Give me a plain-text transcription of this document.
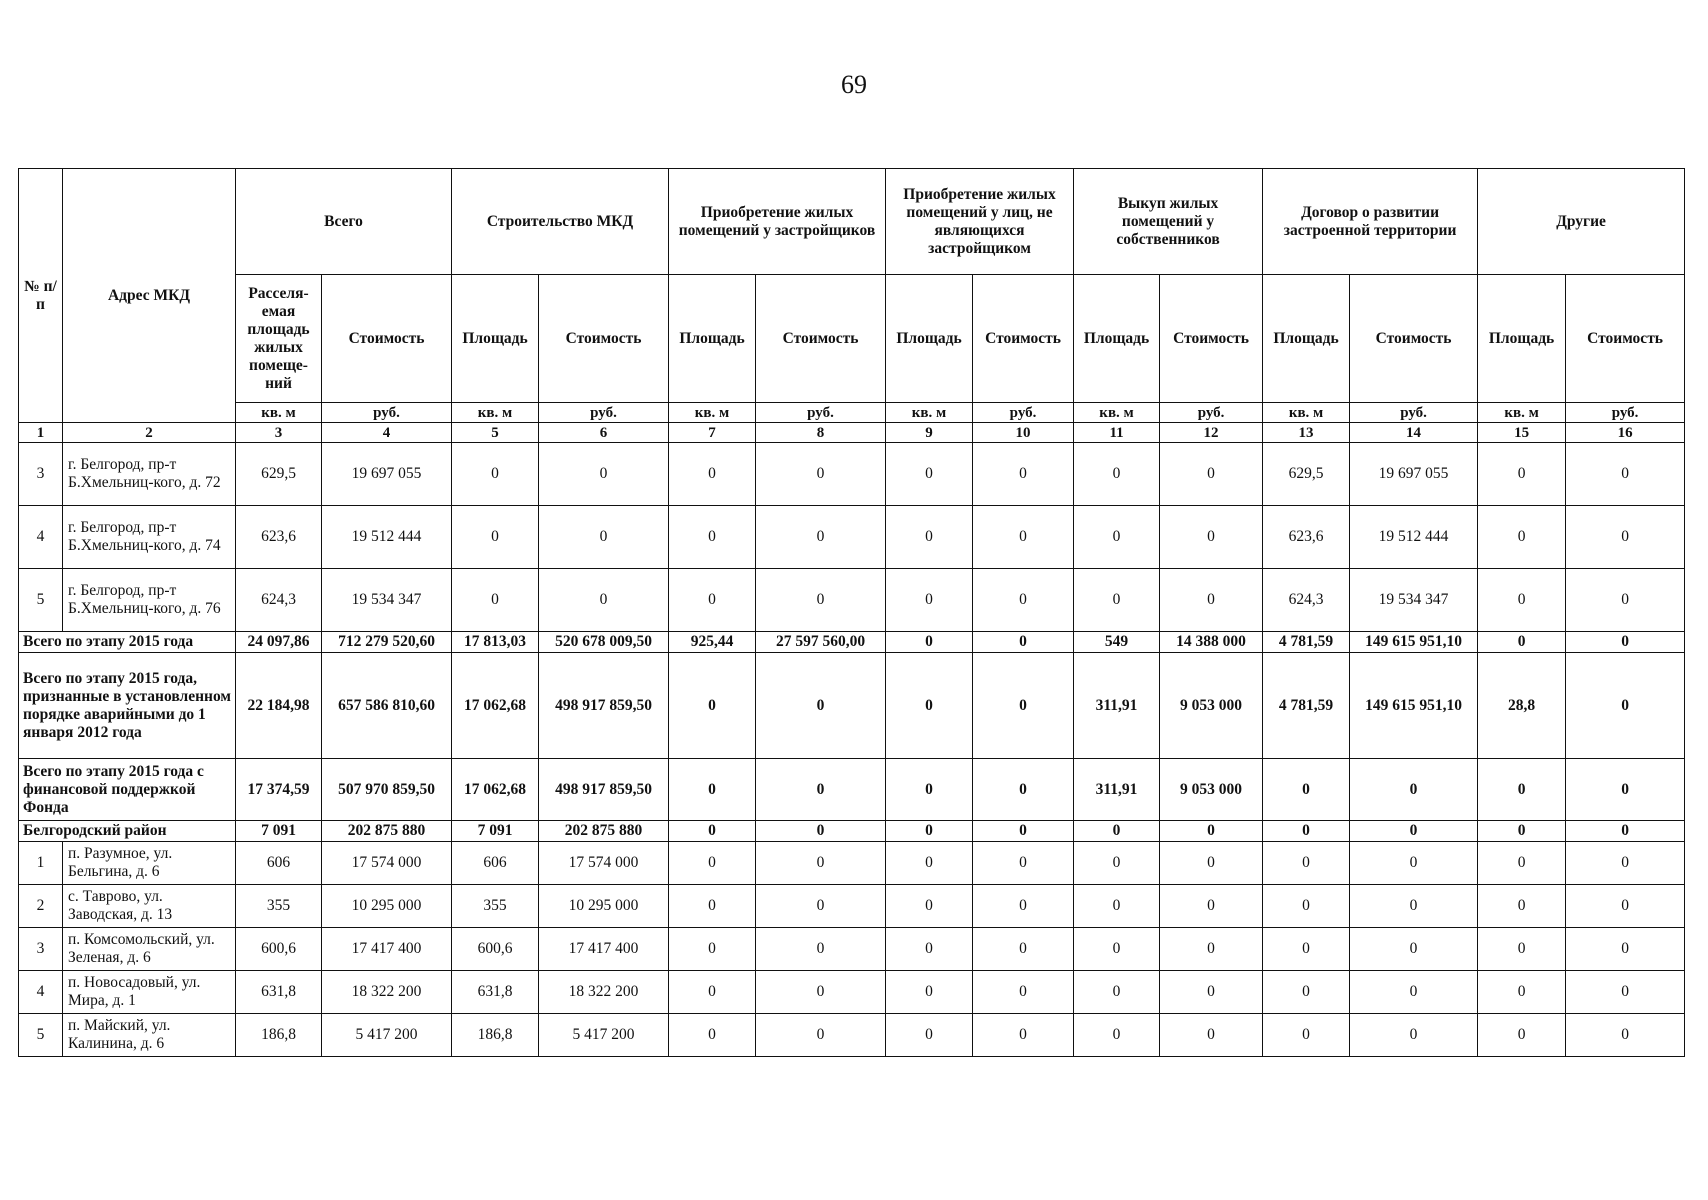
69
№ п/п	Адрес МКД	Всего		Строительство МКД		Приобретение жилых помещений у застройщиков		Приобретение жилых помещений у лиц, не являющихся застройщиком		Выкуп жилых помещений у собственников		Договор о развитии застроенной территории		Другие	
		Расселя-емая площадь жилых помеще-ний	Стоимость	Площадь	Стоимость	Площадь	Стоимость	Площадь	Стоимость	Площадь	Стоимость	Площадь	Стоимость	Площадь	Стоимость
		кв. м	руб.	кв. м	руб.	кв. м	руб.	кв. м	руб.	кв. м	руб.	кв. м	руб.	кв. м	руб.
1	2	3	4	5	6	7	8	9	10	11	12	13	14	15	16
3	г. Белгород, пр-т Б.Хмельниц-кого, д. 72	629,5	19 697 055	0	0	0	0	0	0	0	0	629,5	19 697 055	0	0
4	г. Белгород, пр-т Б.Хмельниц-кого, д. 74	623,6	19 512 444	0	0	0	0	0	0	0	0	623,6	19 512 444	0	0
5	г. Белгород, пр-т Б.Хмельниц-кого, д. 76	624,3	19 534 347	0	0	0	0	0	0	0	0	624,3	19 534 347	0	0
Всего по этапу 2015 года		24 097,86	712 279 520,60	17 813,03	520 678 009,50	925,44	27 597 560,00	0	0	549	14 388 000	4 781,59	149 615 951,10	0	0
Всего по этапу 2015 года, признанные в установленном порядке аварийными до 1 января 2012 года		22 184,98	657 586 810,60	17 062,68	498 917 859,50	0	0	0	0	311,91	9 053 000	4 781,59	149 615 951,10	28,8	0
Всего по этапу 2015 года с финансовой поддержкой Фонда		17 374,59	507 970 859,50	17 062,68	498 917 859,50	0	0	0	0	311,91	9 053 000	0	0	0	0
Белгородский район		7 091	202 875 880	7 091	202 875 880	0	0	0	0	0	0	0	0	0	0
1	п. Разумное, ул. Бельгина, д. 6	606	17 574 000	606	17 574 000	0	0	0	0	0	0	0	0	0	0
2	с. Таврово, ул. Заводская, д. 13	355	10 295 000	355	10 295 000	0	0	0	0	0	0	0	0	0	0
3	п. Комсомольский, ул. Зеленая, д. 6	600,6	17 417 400	600,6	17 417 400	0	0	0	0	0	0	0	0	0	0
4	п. Новосадовый, ул. Мира, д. 1	631,8	18 322 200	631,8	18 322 200	0	0	0	0	0	0	0	0	0	0
5	п. Майский, ул. Калинина, д. 6	186,8	5 417 200	186,8	5 417 200	0	0	0	0	0	0	0	0	0	0
